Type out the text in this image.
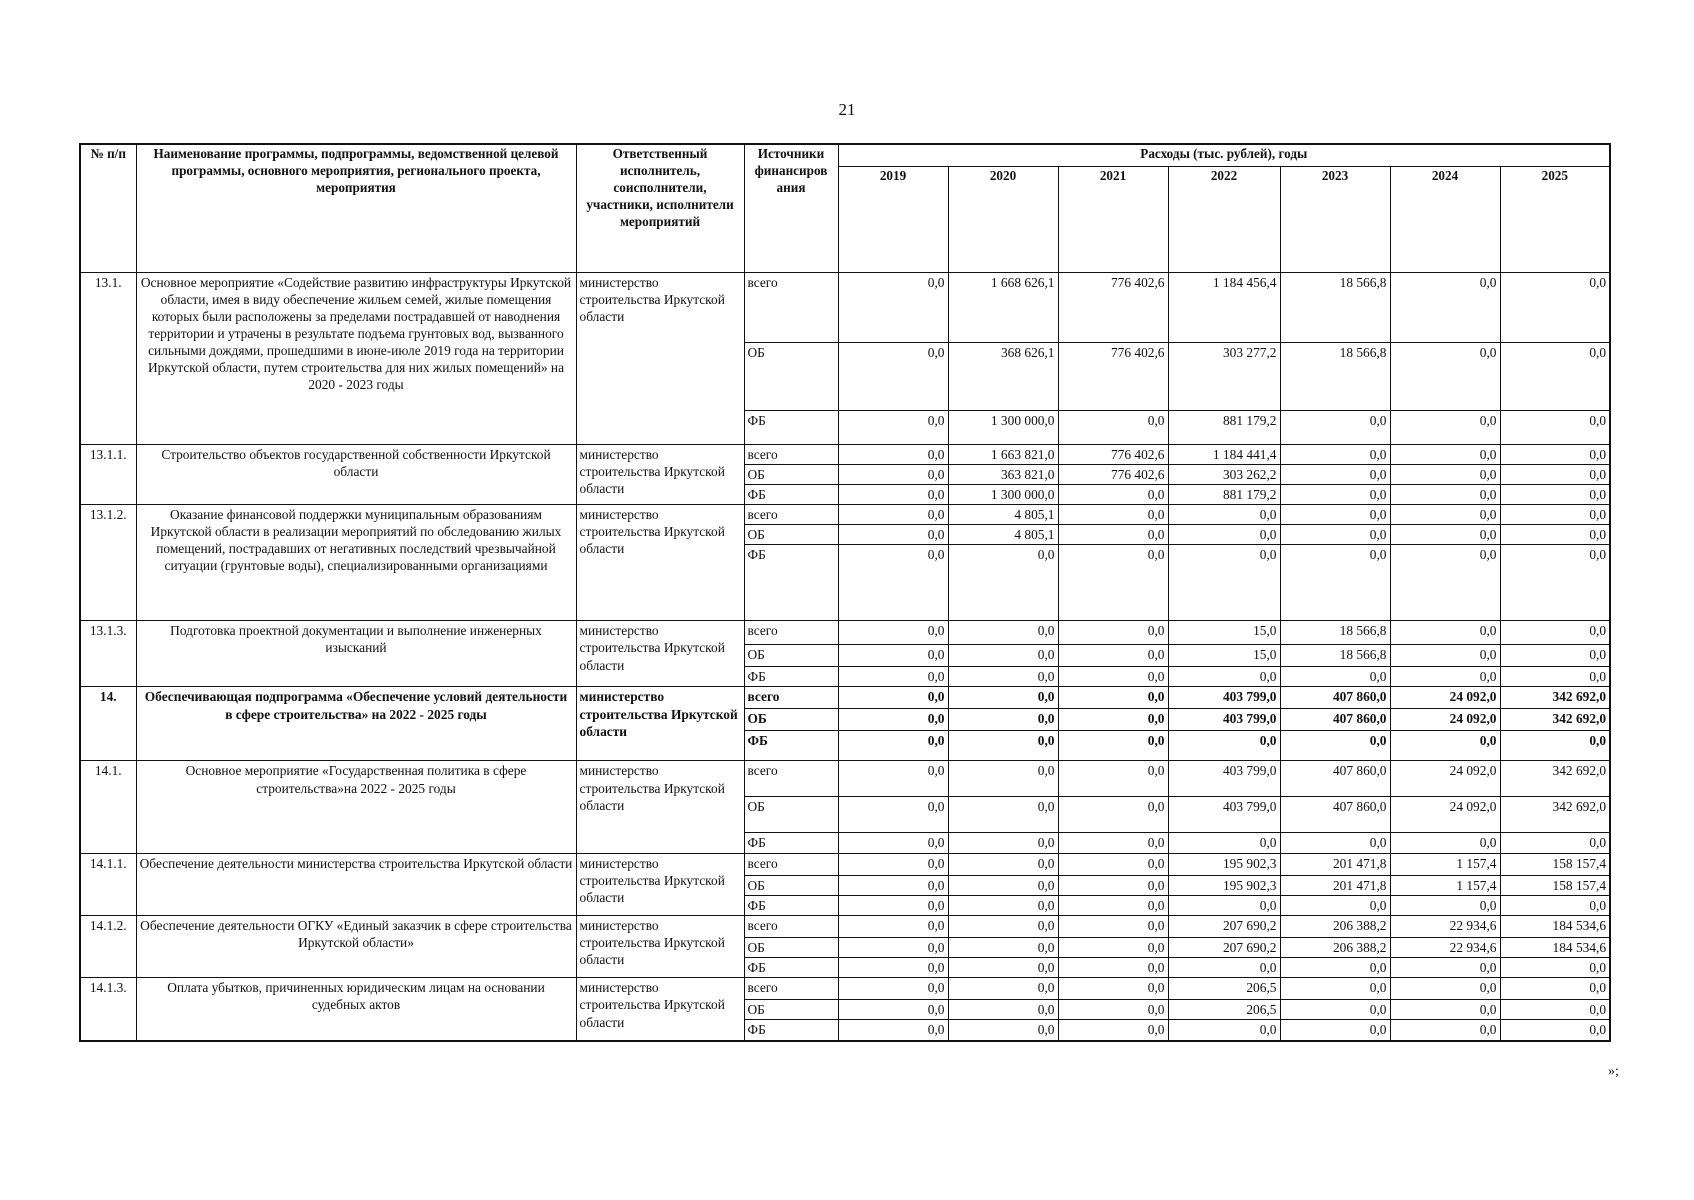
21
№ п/п	Наименование программы, подпрограммы, ведомственной целевой программы, основного мероприятия, регионального проекта, мероприятия	Ответственный исполнитель, соисполнители, участники, исполнители мероприятий	Источники финансиров ания	Расходы (тыс. рублей), годы						
				2019	2020	2021	2022	2023	2024	2025
13.1.	Основное мероприятие «Содействие развитию инфраструктуры Иркутской области, имея в виду обеспечение жильем семей, жилые помещения которых были расположены за пределами пострадавшей от наводнения территории и утрачены в результате подъема грунтовых вод, вызванного сильными дождями, прошедшими в июне-июле 2019 года на территории Иркутской области, путем строительства для них жилых помещений» на 2020 - 2023 годы	министерство строительства Иркутской области	всего	0,0	1 668 626,1	776 402,6	1 184 456,4	18 566,8	0,0	0,0
			ОБ	0,0	368 626,1	776 402,6	303 277,2	18 566,8	0,0	0,0
			ФБ	0,0	1 300 000,0	0,0	881 179,2	0,0	0,0	0,0
13.1.1.	Строительство объектов государственной собственности Иркутской области	министерство строительства Иркутской области	всего	0,0	1 663 821,0	776 402,6	1 184 441,4	0,0	0,0	0,0
			ОБ	0,0	363 821,0	776 402,6	303 262,2	0,0	0,0	0,0
			ФБ	0,0	1 300 000,0	0,0	881 179,2	0,0	0,0	0,0
13.1.2.	Оказание финансовой поддержки муниципальным образованиям Иркутской области в реализации мероприятий по обследованию жилых помещений, пострадавших от негативных последствий чрезвычайной ситуации (грунтовые воды), специализированными организациями	министерство строительства Иркутской области	всего	0,0	4 805,1	0,0	0,0	0,0	0,0	0,0
			ОБ	0,0	4 805,1	0,0	0,0	0,0	0,0	0,0
			ФБ	0,0	0,0	0,0	0,0	0,0	0,0	0,0
13.1.3.	Подготовка проектной документации и выполнение инженерных изысканий	министерство строительства Иркутской области	всего	0,0	0,0	0,0	15,0	18 566,8	0,0	0,0
			ОБ	0,0	0,0	0,0	15,0	18 566,8	0,0	0,0
			ФБ	0,0	0,0	0,0	0,0	0,0	0,0	0,0
14.	Обеспечивающая подпрограмма «Обеспечение условий деятельности в сфере строительства» на 2022 - 2025 годы	министерство строительства Иркутской области	всего	0,0	0,0	0,0	403 799,0	407 860,0	24 092,0	342 692,0
			ОБ	0,0	0,0	0,0	403 799,0	407 860,0	24 092,0	342 692,0
			ФБ	0,0	0,0	0,0	0,0	0,0	0,0	0,0
14.1.	Основное мероприятие «Государственная политика в сфере строительства»на 2022 - 2025 годы	министерство строительства Иркутской области	всего	0,0	0,0	0,0	403 799,0	407 860,0	24 092,0	342 692,0
			ОБ	0,0	0,0	0,0	403 799,0	407 860,0	24 092,0	342 692,0
			ФБ	0,0	0,0	0,0	0,0	0,0	0,0	0,0
14.1.1.	Обеспечение деятельности министерства строительства Иркутской области	министерство строительства Иркутской области	всего	0,0	0,0	0,0	195 902,3	201 471,8	1 157,4	158 157,4
			ОБ	0,0	0,0	0,0	195 902,3	201 471,8	1 157,4	158 157,4
			ФБ	0,0	0,0	0,0	0,0	0,0	0,0	0,0
14.1.2.	Обеспечение деятельности ОГКУ «Единый заказчик в сфере строительства Иркутской области»	министерство строительства Иркутской области	всего	0,0	0,0	0,0	207 690,2	206 388,2	22 934,6	184 534,6
			ОБ	0,0	0,0	0,0	207 690,2	206 388,2	22 934,6	184 534,6
			ФБ	0,0	0,0	0,0	0,0	0,0	0,0	0,0
14.1.3.	Оплата убытков, причиненных юридическим лицам на основании судебных актов	министерство строительства Иркутской области	всего	0,0	0,0	0,0	206,5	0,0	0,0	0,0
			ОБ	0,0	0,0	0,0	206,5	0,0	0,0	0,0
			ФБ	0,0	0,0	0,0	0,0	0,0	0,0	0,0
»;
